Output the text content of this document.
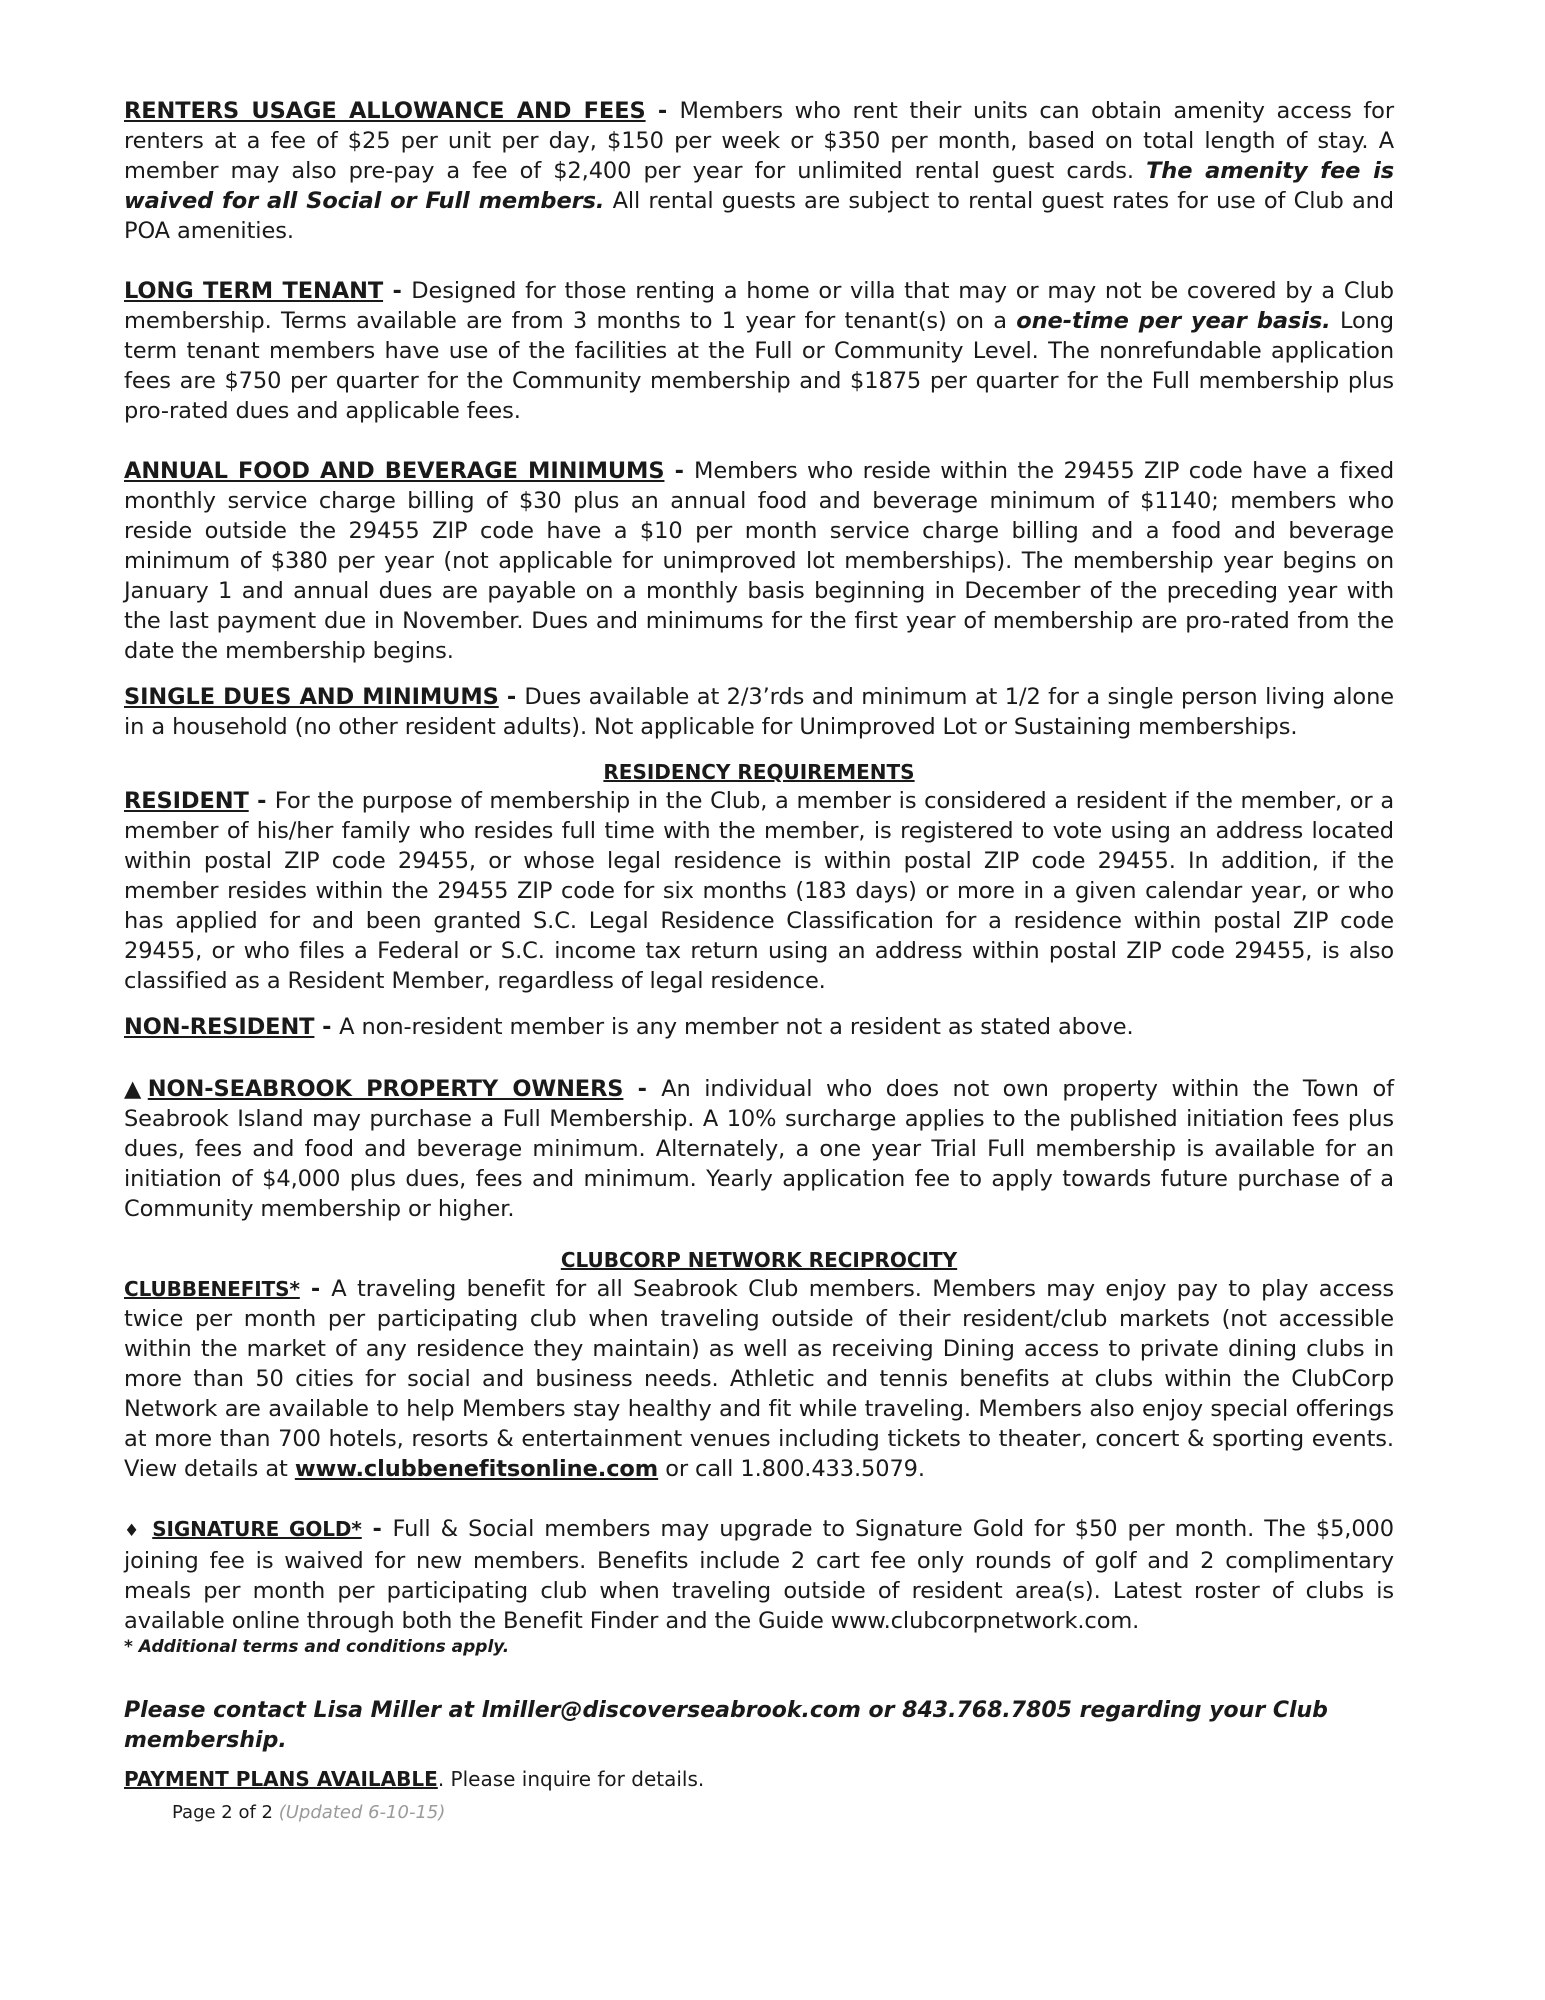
RENTERS USAGE ALLOWANCE AND FEES - Members who rent their units can obtain amenity access for renters at a fee of $25 per unit per day, $150 per week or $350 per month, based on total length of stay. A member may also pre-pay a fee of $2,400 per year for unlimited rental guest cards. The amenity fee is waived for all Social or Full members. All rental guests are subject to rental guest rates for use of Club and POA amenities.

LONG TERM TENANT - Designed for those renting a home or villa that may or may not be covered by a Club membership. Terms available are from 3 months to 1 year for tenant(s) on a one-time per year basis. Long term tenant members have use of the facilities at the Full or Community Level. The nonrefundable application fees are $750 per quarter for the Community membership and $1875 per quarter for the Full membership plus pro-rated dues and applicable fees.

ANNUAL FOOD AND BEVERAGE MINIMUMS - Members who reside within the 29455 ZIP code have a fixed monthly service charge billing of $30 plus an annual food and beverage minimum of $1140; members who reside outside the 29455 ZIP code have a $10 per month service charge billing and a food and beverage minimum of $380 per year (not applicable for unimproved lot memberships). The membership year begins on January 1 and annual dues are payable on a monthly basis beginning in December of the preceding year with the last payment due in November. Dues and minimums for the first year of membership are pro-rated from the date the membership begins.

SINGLE DUES AND MINIMUMS - Dues available at 2/3’rds and minimum at 1/2 for a single person living alone in a household (no other resident adults). Not applicable for Unimproved Lot or Sustaining memberships.

RESIDENCY REQUIREMENTS

RESIDENT - For the purpose of membership in the Club, a member is considered a resident if the member, or a member of his/her family who resides full time with the member, is registered to vote using an address located within postal ZIP code 29455, or whose legal residence is within postal ZIP code 29455. In addition, if the member resides within the 29455 ZIP code for six months (183 days) or more in a given calendar year, or who has applied for and been granted S.C. Legal Residence Classification for a residence within postal ZIP code 29455, or who files a Federal or S.C. income tax return using an address within postal ZIP code 29455, is also classified as a Resident Member, regardless of legal residence.

NON-RESIDENT - A non-resident member is any member not a resident as stated above.

▲NON-SEABROOK PROPERTY OWNERS - An individual who does not own property within the Town of Seabrook Island may purchase a Full Membership. A 10% surcharge applies to the published initiation fees plus dues, fees and food and beverage minimum. Alternately, a one year Trial Full membership is available for an initiation of $4,000 plus dues, fees and minimum. Yearly application fee to apply towards future purchase of a Community membership or higher.

CLUBCORP NETWORK RECIPROCITY

CLUBBENEFITS* - A traveling benefit for all Seabrook Club members. Members may enjoy pay to play access twice per month per participating club when traveling outside of their resident/club markets (not accessible within the market of any residence they maintain) as well as receiving Dining access to private dining clubs in more than 50 cities for social and business needs. Athletic and tennis benefits at clubs within the ClubCorp Network are available to help Members stay healthy and fit while traveling. Members also enjoy special offerings at more than 700 hotels, resorts & entertainment venues including tickets to theater, concert & sporting events. View details at www.clubbenefitsonline.com or call 1.800.433.5079.

♦ SIGNATURE GOLD* - Full & Social members may upgrade to Signature Gold for $50 per month. The $5,000 joining fee is waived for new members. Benefits include 2 cart fee only rounds of golf and 2 complimentary meals per month per participating club when traveling outside of resident area(s). Latest roster of clubs is available online through both the Benefit Finder and the Guide www.clubcorpnetwork.com.

* Additional terms and conditions apply.

Please contact Lisa Miller at lmiller@discoverseabrook.com or 843.768.7805 regarding your Club membership.

PAYMENT PLANS AVAILABLE. Please inquire for details.

Page 2 of 2 (Updated 6-10-15)
